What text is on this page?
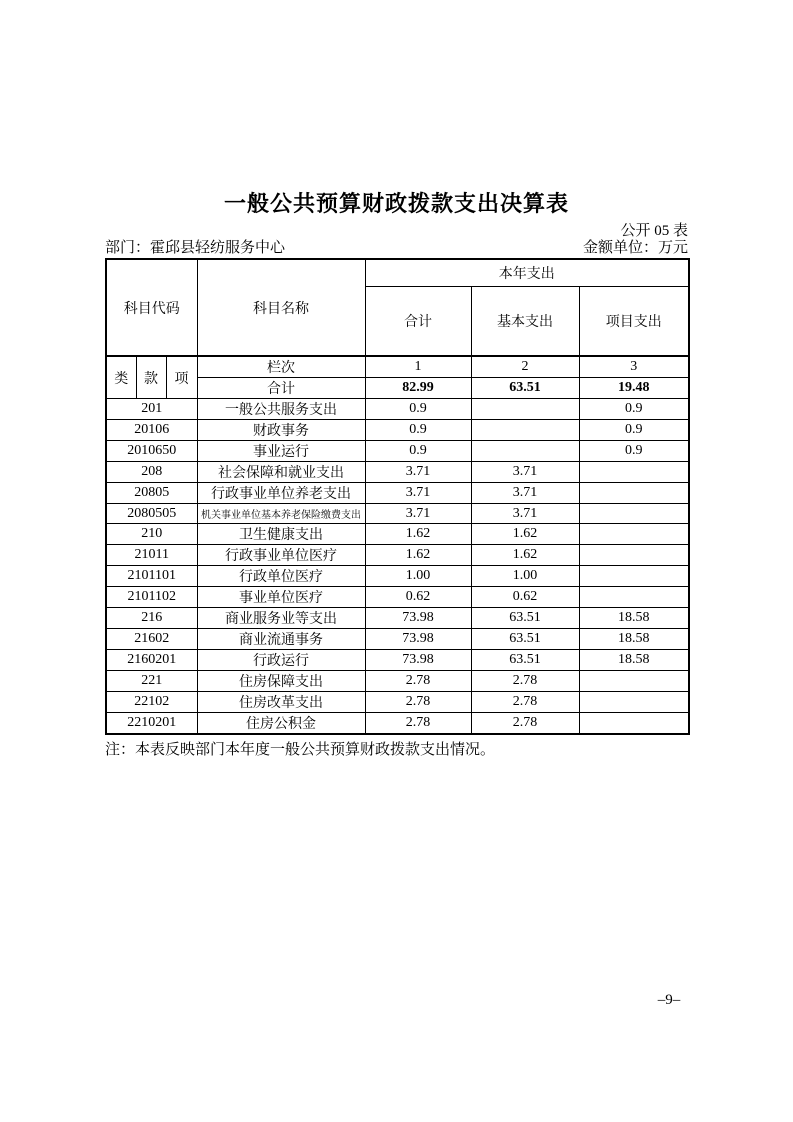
一般公共预算财政拨款支出决算表
公开 05 表
部门：霍邱县轻纺服务中心	金额单位：万元
科目代码			科目名称	本年支出		
				合计	基本支出	项目支出
类	款	项	栏次	1	2	3
			合计	82.99	63.51	19.48
201			一般公共服务支出	0.9		0.9
20106			财政事务	0.9		0.9
2010650			事业运行	0.9		0.9
208			社会保障和就业支出	3.71	3.71	
20805			行政事业单位养老支出	3.71	3.71	
2080505			机关事业单位基本养老保险缴费支出	3.71	3.71	
210			卫生健康支出	1.62	1.62	
21011			行政事业单位医疗	1.62	1.62	
2101101			行政单位医疗	1.00	1.00	
2101102			事业单位医疗	0.62	0.62	
216			商业服务业等支出	73.98	63.51	18.58
21602			商业流通事务	73.98	63.51	18.58
2160201			行政运行	73.98	63.51	18.58
221			住房保障支出	2.78	2.78	
22102			住房改革支出	2.78	2.78	
2210201			住房公积金	2.78	2.78	
注：本表反映部门本年度一般公共预算财政拨款支出情况。
–9–
